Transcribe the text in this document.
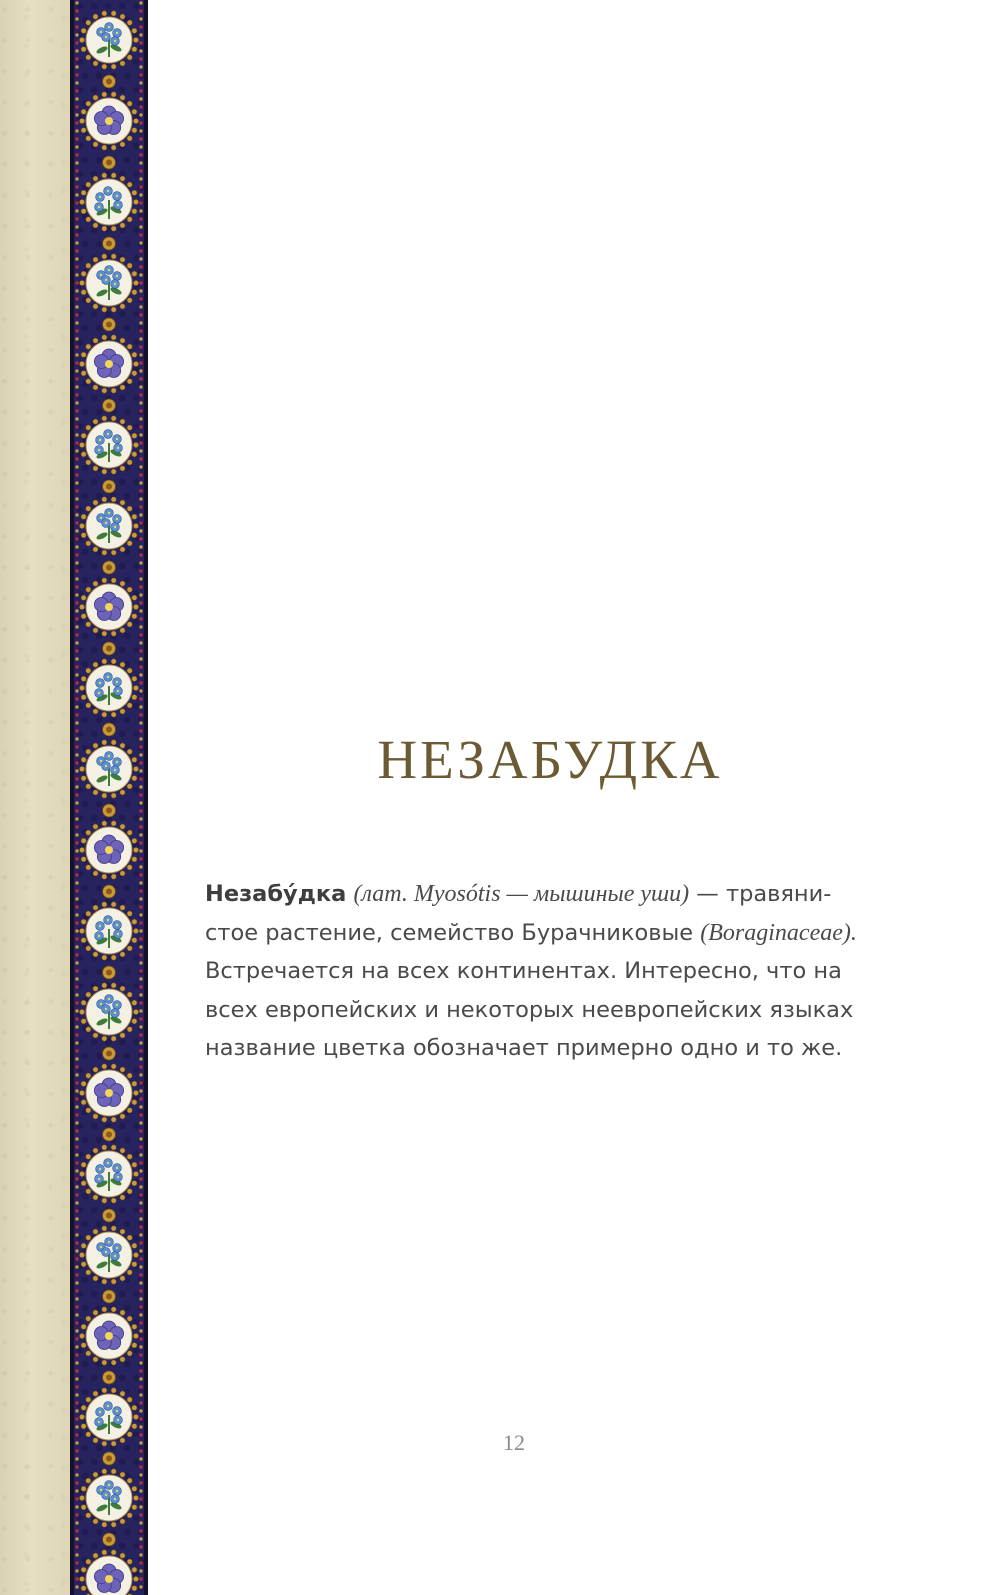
НЕЗАБУДКА

Незабу́дка (лат. Myosótis — мышиные уши) — травяни-
стое растение, семейство Бурачниковые (Boraginaceae).
Встречается на всех континентах. Интересно, что на
всех европейских и некоторых неевропейских языках
название цветка обозначает примерно одно и то же.

12
